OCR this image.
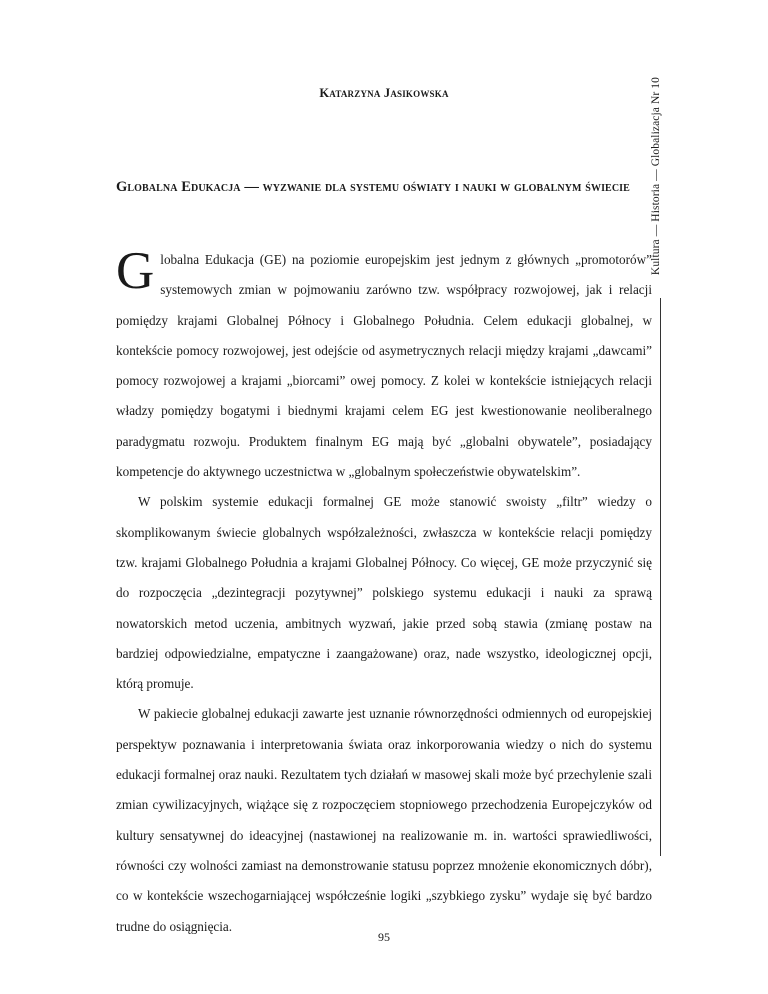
Katarzyna Jasikowska	Kultura — Historia — Globalizacja Nr 10
Globalna Edukacja — wyzwanie dla systemu oświaty i nauki w globalnym świecie

Globalna Edukacja (GE) na poziomie europejskim jest jednym z głównych „promotorów” systemowych zmian w pojmowaniu zarówno tzw. współpracy rozwojowej, jak i relacji pomiędzy krajami Globalnej Północy i Globalnego Południa. Celem edukacji globalnej, w kontekście pomocy rozwojowej, jest odejście od asymetrycznych relacji między krajami „dawcami” pomocy rozwojowej a krajami „biorcami” owej pomocy. Z kolei w kontekście istniejących relacji władzy pomiędzy bogatymi i biednymi krajami celem EG jest kwestionowanie neoliberalnego paradygmatu rozwoju. Produktem finalnym EG mają być „globalni obywatele”, posiadający kompetencje do aktywnego uczestnictwa w „globalnym społeczeństwie obywatelskim”.

W polskim systemie edukacji formalnej GE może stanowić swoisty „filtr” wiedzy o skomplikowanym świecie globalnych współzależności, zwłaszcza w kontekście relacji pomiędzy tzw. krajami Globalnego Południa a krajami Globalnej Północy. Co więcej, GE może przyczynić się do rozpoczęcia „dezintegracji pozytywnej” polskiego systemu edukacji i nauki za sprawą nowatorskich metod uczenia, ambitnych wyzwań, jakie przed sobą stawia (zmianę postaw na bardziej odpowiedzialne, empatyczne i zaangażowane) oraz, nade wszystko, ideologicznej opcji, którą promuje.

W pakiecie globalnej edukacji zawarte jest uznanie równorzędności odmiennych od europejskiej perspektyw poznawania i interpretowania świata oraz inkorporowania wiedzy o nich do systemu edukacji formalnej oraz nauki. Rezultatem tych działań w masowej skali może być przechylenie szali zmian cywilizacyjnych, wiążące się z rozpoczęciem stopniowego przechodzenia Europejczyków od kultury sensatywnej do ideacyjnej (nastawionej na realizowanie m. in. wartości sprawiedliwości, równości czy wolności zamiast na demonstrowanie statusu poprzez mnożenie ekonomicznych dóbr), co w kontekście wszechogarniającej współcześnie logiki „szybkiego zysku” wydaje się być bardzo trudne do osiągnięcia.

95
